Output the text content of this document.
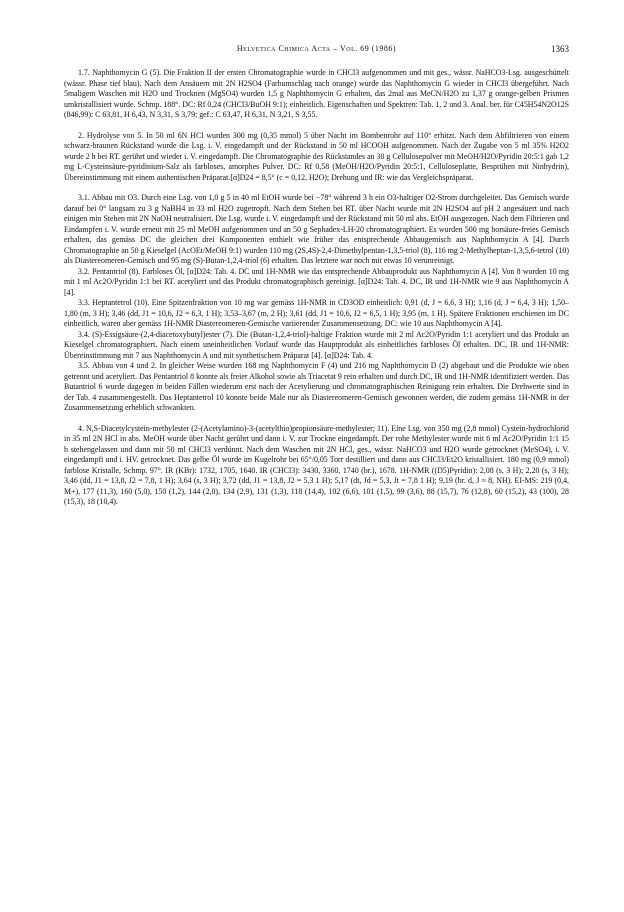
Helvetica Chimica Acta – Vol. 69 (1986)	1363

1.7. Naphthomycin G (5). Die Fraktion II der ersten Chromatographie wurde in CHCl3 aufgenommen und mit ges., wässr. NaHCO3-Lsg. ausgeschüttelt (wässr. Phase tief blau). Nach dem Ansäuern mit 2N H2SO4 (Farbumschlag nach orange) wurde das Naphthomycin G wieder in CHCl3 übergeführt. Nach 5maligem Waschen mit H2O und Trocknen (MgSO4) wurden 1,5 g Naphthomycin G erhalten, das 2mal aus MeCN/H2O zu 1,37 g orange-gelben Prismen umkristallisiert wurde. Schmp. 188°. DC: Rf 0,24 (CHCl3/BuOH 9:1); einheitlich. Eigenschaften und Spektren: Tab. 1, 2 und 3. Anal. ber. für C45H54N2O12S (846,99): C 63,81, H 6,43, N 3,31, S 3,79; gef.: C 63,47, H 6,31, N 3,21, S 3,55.

2. Hydrolyse von 5. In 50 ml 6N HCl wurden 300 mg (0,35 mmol) 5 über Nacht im Bombenrohr auf 110° erhitzt. Nach dem Abfiltrieren von einem schwarz-braunen Rückstand wurde die Lsg. i. V. eingedampft und der Rückstand in 50 ml HCOOH aufgenommen. Nach der Zugabe von 5 ml 35% H2O2 wurde 2 h bei RT. gerührt und wieder i. V. eingedampft. Die Chromatographie des Rückstandes an 30 g Cellulosepulver mit MeOH/H2O/Pyridin 20:5:1 gab 1,2 mg L-Cysteinsäure-pyridinium-Salz als farbloses, amorphes Pulver. DC: Rf 0,58 (MeOH/H2O/Pyridin 20:5:1, Celluloseplatte, Besprühen mit Ninhydrin), Übereinstimmung mit einem authentischen Präparat.[α]D24 = 8,5° (c = 0,12, H2O); Drehung und IR: wie das Vergleichspräparat.

3.1. Abbau mit O3. Durch eine Lsg. von 1,0 g 5 in 40 ml EtOH wurde bei −78° während 3 h ein O3-haltiger O2-Strom durchgeleitet. Das Gemisch wurde darauf bei 0° langsam zu 3 g NaBH4 in 33 ml H2O zugetropft. Nach dem Stehen bei RT. über Nacht wurde mit 2N H2SO4 auf pH 2 angesäuert und nach einigen min Stehen mit 2N NaOH neutralisiert. Die Lsg. wurde i. V. eingedampft und der Rückstand mit 50 ml abs. EtOH ausgezogen. Nach dem Filtrieren und Eindampfen i. V. wurde erneut mit 25 ml MeOH aufgenommen und an 50 g Sephadex-LH-20 chromatographiert. Es wurden 500 mg borsäure-freies Gemisch erhalten, das gemäss DC die gleichen drei Komponenten enthielt wie früher das entsprechende Abbaugemisch aus Naphthomycin A [4]. Durch Chromatographie an 50 g Kieselgel (AcOEt/MeOH 9:1) wurden 110 mg (2S,4S)-2,4-Dimethylpentan-1,3,5-triol (8), 116 mg 2-Methylheptan-1,3,5,6-tetrol (10) als Diastereomeren-Gemisch und 95 mg (S)-Butan-1,2,4-triol (6) erhalten. Das letztere war noch mit etwas 10 verunreinigt.

3.2. Pentantriol (8). Farbloses Öl, [α]D24: Tab. 4. DC und 1H-NMR wie das entsprechende Abbauprodukt aus Naphthomycin A [4]. Von 8 wurden 10 mg mit 1 ml Ac2O/Pyridin 1:1 bei RT. acetyliert und das Produkt chromatographisch gereinigt. [α]D24: Tab. 4. DC, IR und 1H-NMR wie 9 aus Naphthomycin A [4].

3.3. Heptantetrol (10). Eine Spitzenfraktion von 10 mg war gemäss 1H-NMR in CD3OD einheitlich: 0,91 (d, J = 6,6, 3 H); 1,16 (d, J = 6,4, 3 H); 1,50–1,80 (m, 3 H); 3,46 (dd, J1 = 10,6, J2 = 6,3, 1 H); 3,53–3,67 (m, 2 H); 3,61 (dd, J1 = 10,6, J2 = 6,5, 1 H); 3,95 (m, 1 H). Spätere Fraktionen erschienen im DC einheitlich, waren aber gemäss 1H-NMR Diastereomeren-Gemische variierender Zusammensetzung. DC: wie 10 aus Naphthomycin A [4].

3.4. (S)-Essigsäure-(2,4-diacetoxybutyl)ester (7). Die (Butan-1,2,4-triol)-haltige Fraktion wurde mit 2 ml Ac2O/Pyridin 1:1 acetyliert und das Produkt an Kieselgel chromatographiert. Nach einem uneinheitlichen Vorlauf wurde das Hauptprodukt als einheitliches farbloses Öl erhalten. DC, IR und 1H-NMR: Übereinstimmung mit 7 aus Naphthomycin A und mit synthetischem Präparat [4]. [α]D24: Tab. 4.

3.5. Abbau von 4 und 2. In gleicher Weise wurden 168 mg Naphthomycin F (4) und 216 mg Naphthomycin D (2) abgebaut und die Produkte wie oben getrennt und acetyliert. Das Pentantriol 8 konnte als freier Alkohol sowie als Triacetat 9 rein erhalten und durch DC, IR und 1H-NMR identifiziert werden. Das Butantriol 6 wurde dagegen in beiden Fällen wiederum erst nach der Acetylierung und chromatographischen Reinigung rein erhalten. Die Drehwerte sind in der Tab. 4 zusammengestellt. Das Heptantetrol 10 konnte beide Male nur als Diastereomeren-Gemisch gewonnen werden, die zudem gemäss 1H-NMR in der Zusammensetzung erheblich schwankten.

4. N,S-Diacetylcystein-methylester (2-(Acetylamino)-3-(acetylthio)propionsäure-methylester; 11). Eine Lsg. von 350 mg (2,8 mmol) Cystein-hydrochlorid in 35 ml 2N HCl in abs. MeOH wurde über Nacht gerührt und dann i. V. zur Trockne eingedampft. Der rohe Methylester wurde mit 6 ml Ac2O/Pyridin 1:1 15 h stehengelassen und dann mit 50 ml CHCl3 verdünnt. Nach dem Waschen mit 2N HCl, ges., wässr. NaHCO3 und H2O wurde getrocknet (MeSO4), i. V. eingedampft und i. HV. getrocknet. Das gelbe Öl wurde im Kugelrohr bei 65°/0,05 Torr destilliert und dann aus CHCl3/Et2O kristallisiert. 180 mg (0,9 mmol) farblose Kristalle, Schmp. 97°. IR (KBr): 1732, 1705, 1640. IR (CHCl3): 3430, 3360, 1740 (br.), 1678. 1H-NMR ((D5)Pyridin): 2,08 (s, 3 H); 2,20 (s, 3 H); 3,46 (dd, J1 = 13,8, J2 = 7,8, 1 H); 3,64 (s, 3 H); 3,72 (dd, J1 = 13,8, J2 = 5,3 1 H); 5,17 (dt, Jd = 5,3, Jt = 7,8 1 H); 9,19 (br. d, J ≈ 8, NH). EI-MS: 219 (0,4, M+), 177 (11,3), 160 (5,0), 150 (1,2), 144 (2,0), 134 (2,9), 131 (1,3), 118 (14,4), 102 (6,6), 101 (1,5), 99 (3,6), 88 (15,7), 76 (12,8), 60 (15,2), 43 (100), 28 (15,3), 18 (10,4).
